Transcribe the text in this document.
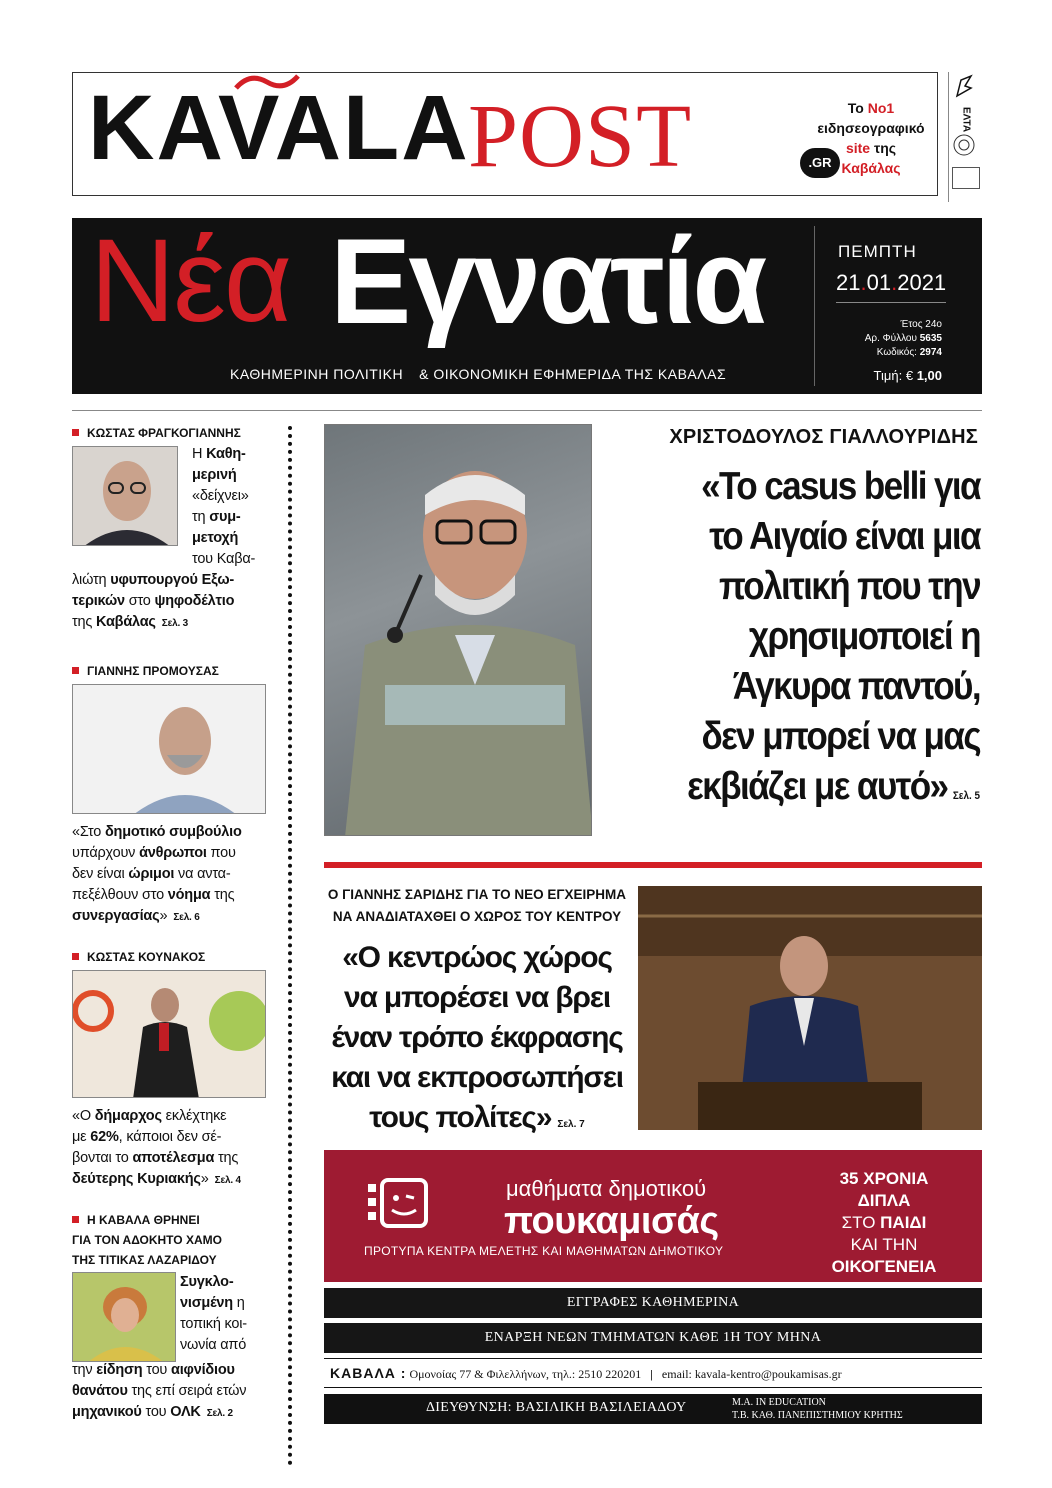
KAVALA
POST	.GR
Το No1
ειδησεογραφικό
site της
Καβάλας
ΕΛΤΑ
Νέα Εγνατία
ΚΑΘΗΜΕΡΙΝΗ ΠΟΛΙΤΙΚΗ & ΟΙΚΟΝΟΜΙΚΗ ΕΦΗΜΕΡΙΔΑ ΤΗΣ ΚΑΒΑΛΑΣ
ΠΕΜΠΤΗ
21.01.2021
Έτος 24ο
Αρ. Φύλλου 5635
Κωδικός: 2974
Τιμή: € 1,00
ΚΩΣΤΑΣ ΦΡΑΓΚΟΓΙΑΝΝΗΣ
Η Καθη-
μερινή
«δείχνει»
τη συμ-
μετοχή
του Καβα-
λιώτη υφυπουργού Εξω-
τερικών στο ψηφοδέλτιο
της Καβάλας Σελ. 3
ΓΙΑΝΝΗΣ ΠΡΟΜΟΥΣΑΣ
«Στο δημοτικό συμβούλιο
υπάρχουν άνθρωποι που
δεν είναι ώριμοι να αντα-
πεξέλθουν στο νόημα της
συνεργασίας» Σελ. 6
ΚΩΣΤΑΣ ΚΟΥΝΑΚΟΣ
«Ο δήμαρχος εκλέχτηκε
με 62%, κάποιοι δεν σέ-
βονται το αποτέλεσμα της
δεύτερης Κυριακής» Σελ. 4
Η ΚΑΒΑΛΑ ΘΡΗΝΕΙ
ΓΙΑ ΤΟΝ ΑΔΟΚΗΤΟ ΧΑΜΟ
ΤΗΣ ΤΙΤΙΚΑΣ ΛΑΖΑΡΙΔΟΥ
Συγκλο-
νισμένη η
τοπική κοι-
νωνία από
την είδηση του αιφνίδιου
θανάτου της επί σειρά ετών
μηχανικού του ΟΛΚ Σελ. 2
ΧΡΙΣΤΟΔΟΥΛΟΣ ΓΙΑΛΛΟΥΡΙΔΗΣ
«Το casus belli για
το Αιγαίο είναι μια
πολιτική που την
χρησιμοποιεί η
Άγκυρα παντού,
δεν μπορεί να μας
εκβιάζει με αυτό» Σελ. 5
Ο ΓΙΑΝΝΗΣ ΣΑΡΙΔΗΣ ΓΙΑ ΤΟ ΝΕΟ ΕΓΧΕΙΡΗΜΑ
ΝΑ ΑΝΑΔΙΑΤΑΧΘΕΙ Ο ΧΩΡΟΣ ΤΟΥ ΚΕΝΤΡΟΥ
«Ο κεντρώος χώρος
να μπορέσει να βρει
έναν τρόπο έκφρασης
και να εκπροσωπήσει
τους πολίτες» Σελ. 7
μαθήματα δημοτικού
πουκαμισάς
ΠΡΟΤΥΠΑ ΚΕΝΤΡΑ ΜΕΛΕΤΗΣ ΚΑΙ ΜΑΘΗΜΑΤΩΝ ΔΗΜΟΤΙΚΟΥ
35 ΧΡΟΝΙΑ
ΔΙΠΛΑ
ΣΤΟ ΠΑΙΔΙ
ΚΑΙ ΤΗΝ
ΟΙΚΟΓΕΝΕΙΑ
ΕΓΓΡΑΦΕΣ ΚΑΘΗΜΕΡΙΝΑ
ΕΝΑΡΞΗ ΝΕΩΝ ΤΜΗΜΑΤΩΝ ΚΑΘΕ 1Η ΤΟΥ ΜΗΝΑ
ΚΑΒΑΛΑ : Ομονοίας 77 & Φιλελλήνων, τηλ.: 2510 220201 | email: kavala-kentro@poukamisas.gr
ΔΙΕΥΘΥΝΣΗ: ΒΑΣΙΛΙΚΗ ΒΑΣΙΛΕΙΑΔΟΥ	M.A. IN EDUCATION
Τ.Β. ΚΑΘ. ΠΑΝΕΠΙΣΤΗΜΙΟΥ ΚΡΗΤΗΣ
